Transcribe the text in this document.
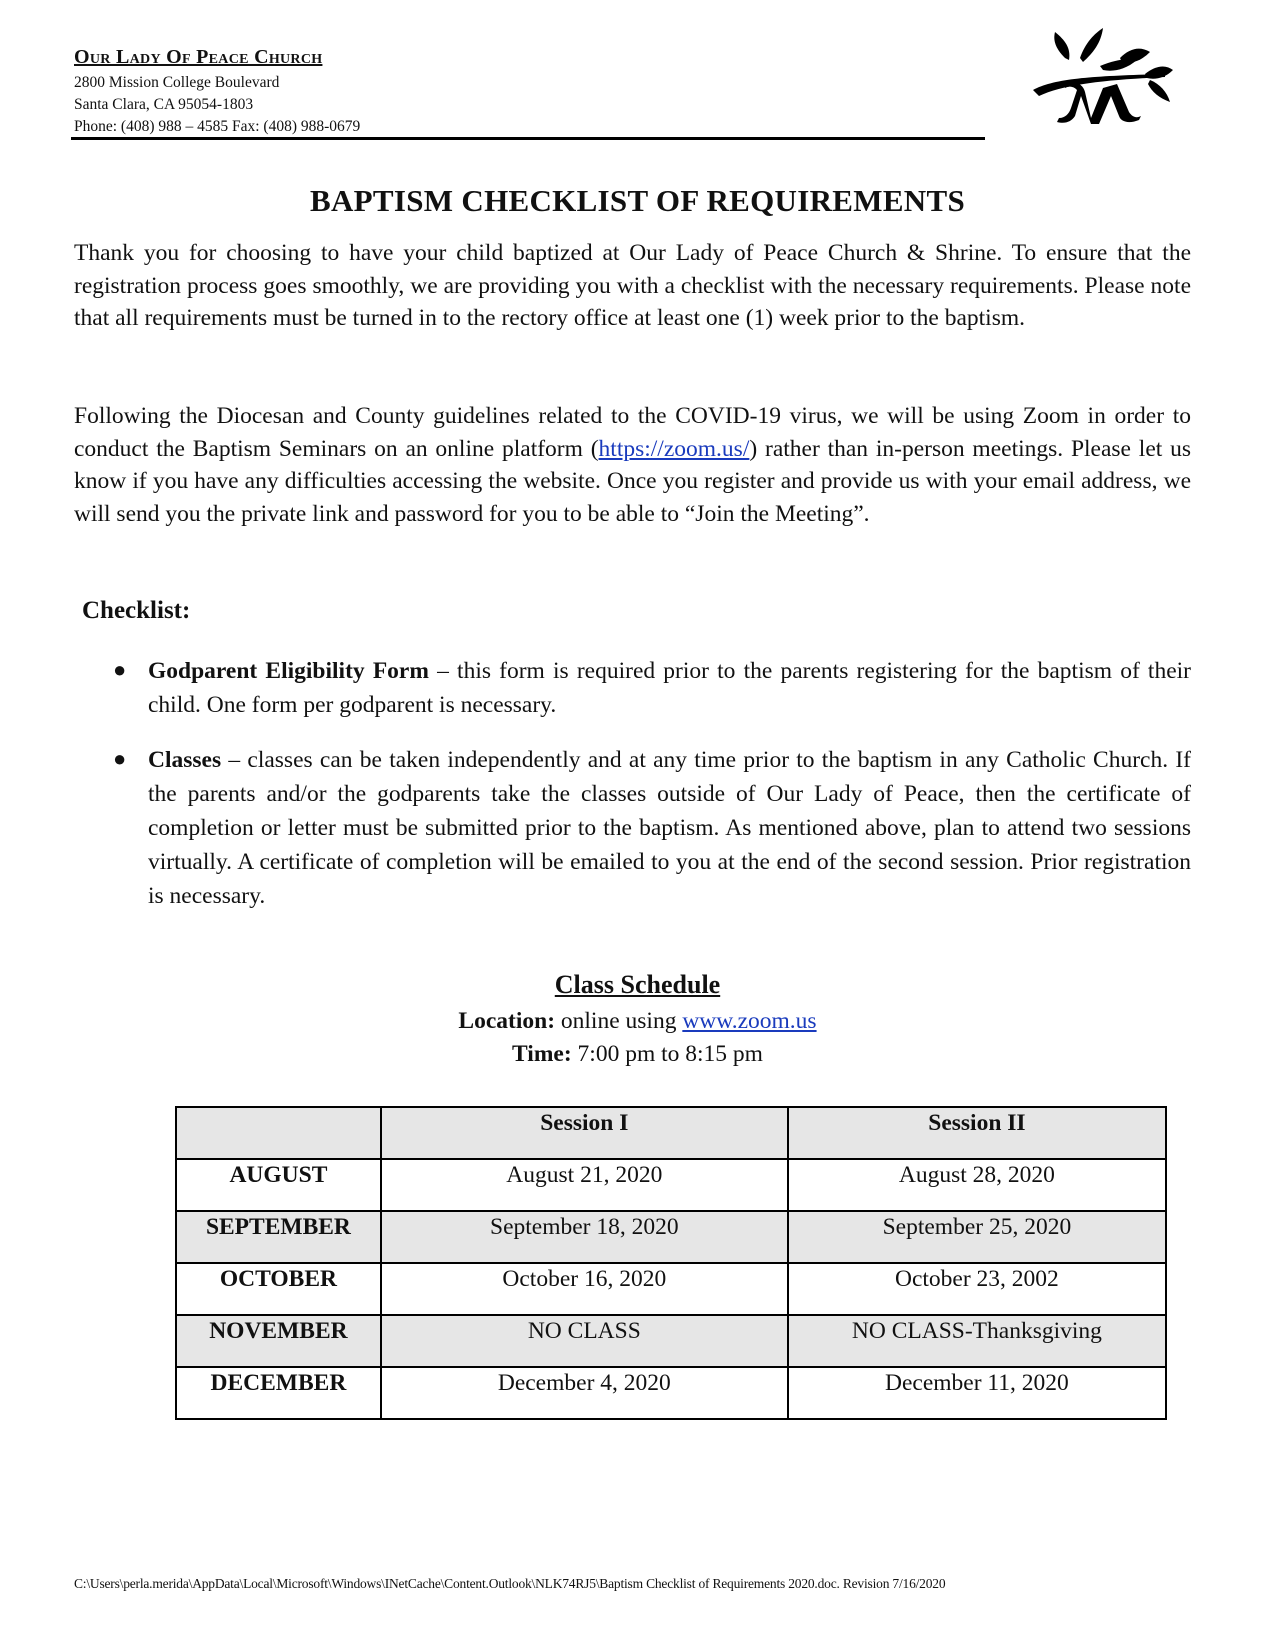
Our Lady Of Peace Church
2800 Mission College Boulevard
Santa Clara, CA 95054-1803
Phone: (408) 988 – 4585 Fax: (408) 988-0679
BAPTISM CHECKLIST OF REQUIREMENTS
Thank you for choosing to have your child baptized at Our Lady of Peace Church & Shrine. To ensure that the registration process goes smoothly, we are providing you with a checklist with the necessary requirements. Please note that all requirements must be turned in to the rectory office at least one (1) week prior to the baptism.
Following the Diocesan and County guidelines related to the COVID-19 virus, we will be using Zoom in order to conduct the Baptism Seminars on an online platform (https://zoom.us/) rather than in-person meetings. Please let us know if you have any difficulties accessing the website. Once you register and provide us with your email address, we will send you the private link and password for you to be able to “Join the Meeting”.
Checklist:
● Godparent Eligibility Form – this form is required prior to the parents registering for the baptism of their child. One form per godparent is necessary.
● Classes – classes can be taken independently and at any time prior to the baptism in any Catholic Church. If the parents and/or the godparents take the classes outside of Our Lady of Peace, then the certificate of completion or letter must be submitted prior to the baptism. As mentioned above, plan to attend two sessions virtually. A certificate of completion will be emailed to you at the end of the second session. Prior registration is necessary.
Class Schedule
Location: online using www.zoom.us
Time: 7:00 pm to 8:15 pm
	Session I	Session II
AUGUST	August 21, 2020	August 28, 2020
SEPTEMBER	September 18, 2020	September 25, 2020
OCTOBER	October 16, 2020	October 23, 2002
NOVEMBER	NO CLASS	NO CLASS-Thanksgiving
DECEMBER	December 4, 2020	December 11, 2020
C:\Users\perla.merida\AppData\Local\Microsoft\Windows\INetCache\Content.Outlook\NLK74RJ5\Baptism Checklist of Requirements 2020.doc. Revision 7/16/2020
